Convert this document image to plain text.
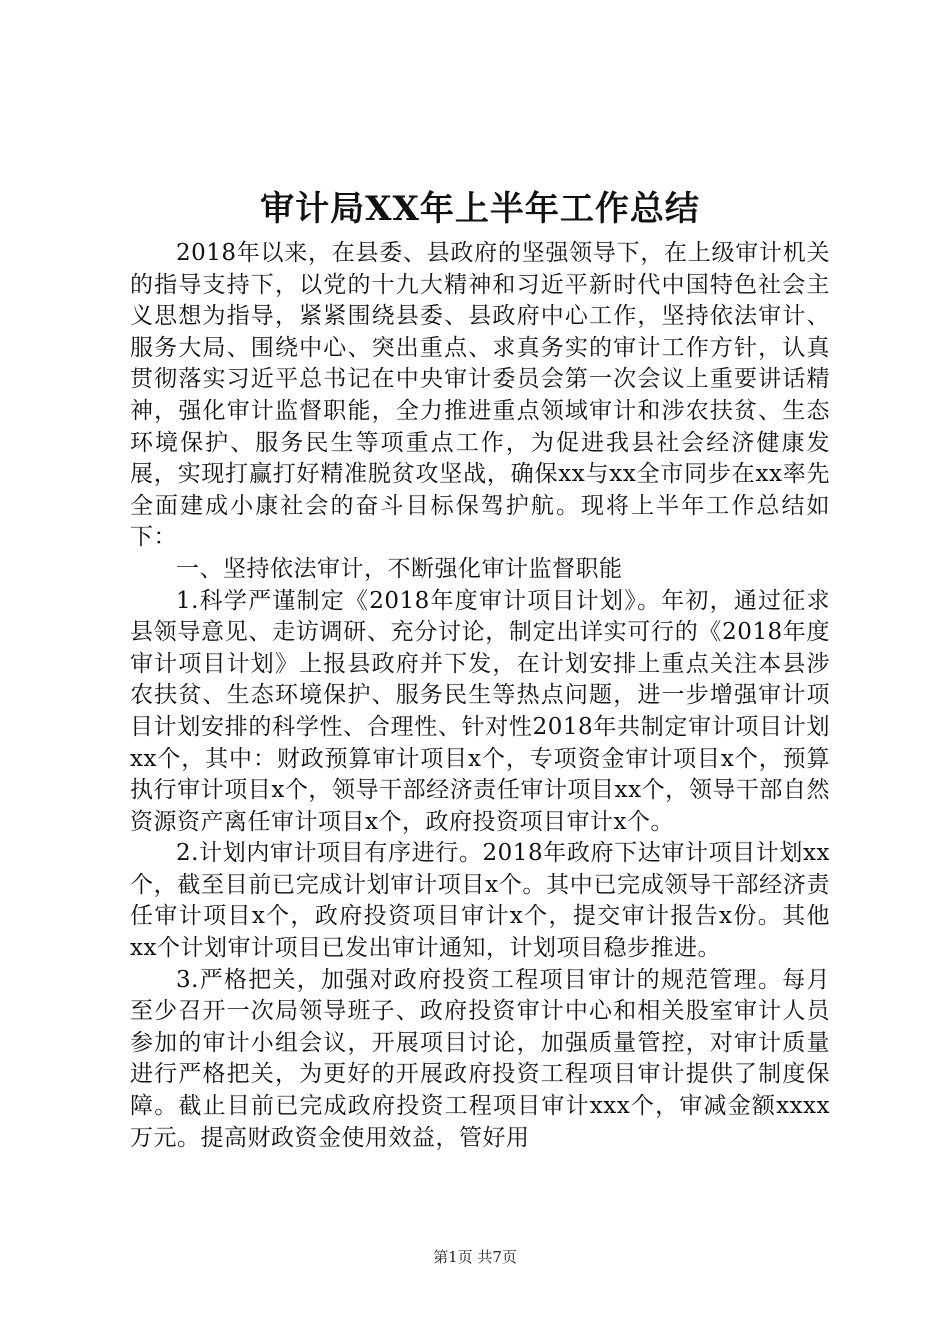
审计局XX年上半年工作总结

2018年以来，在县委、县政府的坚强领导下，在上级审计机关的指导支持下，以党的十九大精神和习近平新时代中国特色社会主义思想为指导，紧紧围绕县委、县政府中心工作，坚持依法审计、服务大局、围绕中心、突出重点、求真务实的审计工作方针，认真贯彻落实习近平总书记在中央审计委员会第一次会议上重要讲话精神，强化审计监督职能，全力推进重点领域审计和涉农扶贫、生态环境保护、服务民生等项重点工作，为促进我县社会经济健康发展，实现打赢打好精准脱贫攻坚战，确保xx与xx全市同步在xx率先全面建成小康社会的奋斗目标保驾护航。现将上半年工作总结如下：

一、坚持依法审计，不断强化审计监督职能

1.科学严谨制定《2018年度审计项目计划》。年初，通过征求县领导意见、走访调研、充分讨论，制定出详实可行的《2018年度审计项目计划》上报县政府并下发，在计划安排上重点关注本县涉农扶贫、生态环境保护、服务民生等热点问题，进一步增强审计项目计划安排的科学性、合理性、针对性2018年共制定审计项目计划xx个，其中：财政预算审计项目x个，专项资金审计项目x个，预算执行审计项目x个，领导干部经济责任审计项目xx个，领导干部自然资源资产离任审计项目x个，政府投资项目审计x个。

2.计划内审计项目有序进行。2018年政府下达审计项目计划xx个，截至目前已完成计划审计项目x个。其中已完成领导干部经济责任审计项目x个，政府投资项目审计x个，提交审计报告x份。其他xx个计划审计项目已发出审计通知，计划项目稳步推进。

3.严格把关，加强对政府投资工程项目审计的规范管理。每月至少召开一次局领导班子、政府投资审计中心和相关股室审计人员参加的审计小组会议，开展项目讨论，加强质量管控，对审计质量进行严格把关，为更好的开展政府投资工程项目审计提供了制度保障。截止目前已完成政府投资工程项目审计xxx个，审减金额xxxx万元。提高财政资金使用效益，管好用

第1页 共7页
